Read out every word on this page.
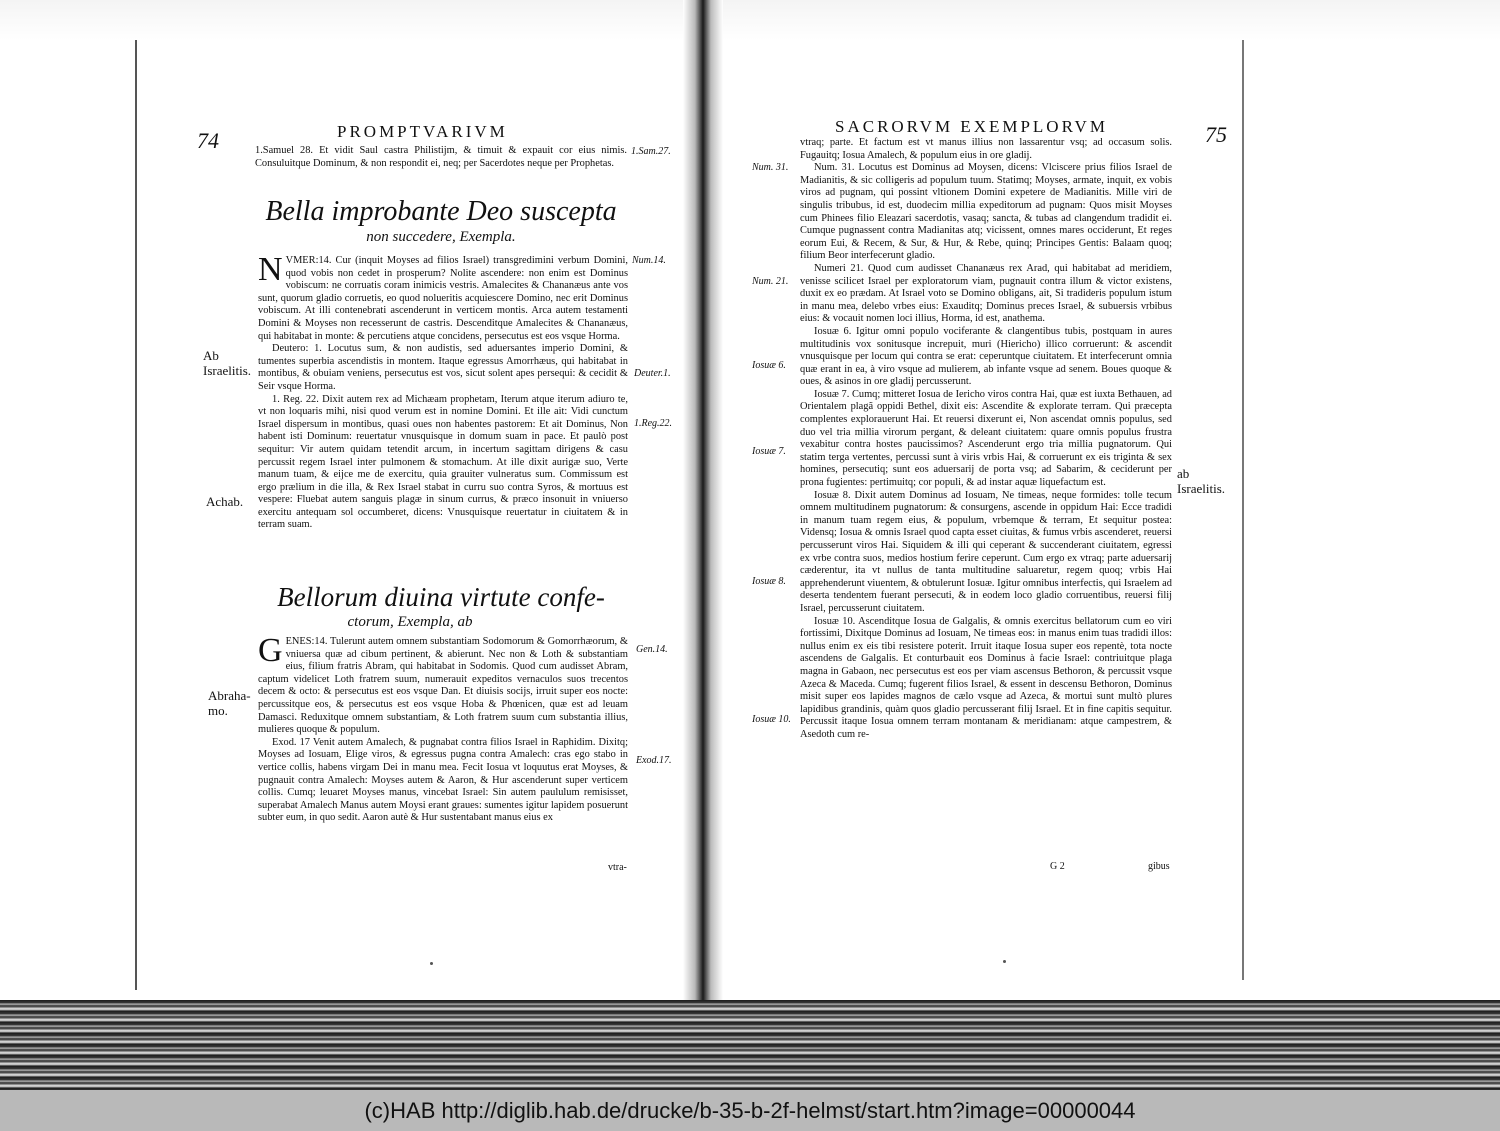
74	PROMPTVARIVM

1.Samuel 28. Et vidit Saul castra Philistijm, & timuit & expauit cor eius nimis. Consuluitque Dominum, & non respondit ei, neq; per Sacerdotes neque per Prophetas.

1.Sam.27.
Bella improbante Deo suscepta
non succedere, Exempla.
N VMER:14. Cur (inquit Moyses ad filios Israel) transgredimini verbum Domini, quod vobis non cedet in prosperum? Nolite ascendere: non enim est Dominus vobiscum: ne corruatis coram inimicis vestris. Amalecites & Chananæus ante vos sunt, quorum gladio corruetis, eo quod nolueritis acquiescere Domino, nec erit Dominus vobiscum. At illi contenebrati ascenderunt in verticem montis. Arca autem testamenti Domini & Moyses non recesserunt de castris. Descenditque Amalecites & Chananæus, qui habitabat in monte: & percutiens atque concidens, persecutus est eos vsque Horma.

Deutero: 1. Locutus sum, & non audistis, sed aduersantes imperio Domini, & tumentes superbia ascendistis in montem. Itaque egressus Amorrhæus, qui habitabat in montibus, & obuiam veniens, persecutus est vos, sicut solent apes persequi: & cecidit & Seir vsque Horma.

1. Reg. 22. Dixit autem rex ad Michæam prophetam, Iterum atque iterum adiuro te, vt non loquaris mihi, nisi quod verum est in nomine Domini. Et ille ait: Vidi cunctum Israel dispersum in montibus, quasi oues non habentes pastorem: Et ait Dominus, Non habent isti Dominum: reuertatur vnusquisque in domum suam in pace. Et paulò post sequitur: Vir autem quidam tetendit arcum, in incertum sagittam dirigens & casu percussit regem Israel inter pulmonem & stomachum. At ille dixit aurigæ suo, Verte manum tuam, & eijce me de exercitu, quia grauiter vulneratus sum. Commissum est ergo prælium in die illa, & Rex Israel stabat in curru suo contra Syros, & mortuus est vespere: Fluebat autem sanguis plagæ in sinum currus, & præco insonuit in vniuerso exercitu antequam sol occumberet, dicens: Vnusquisque reuertatur in ciuitatem & in terram suam.

Num.14.
Deuter.1.
1.Reg.22.
Ab Israelitis.
Achab.
Bellorum diuina virtute confe-
ctorum, Exempla, ab
G ENES:14. Tulerunt autem omnem substantiam Sodomorum & Gomorrhæorum, & vniuersa quæ ad cibum pertinent, & abierunt. Nec non & Loth & substantiam eius, filium fratris Abram, qui habitabat in Sodomis. Quod cum audisset Abram, captum videlicet Loth fratrem suum, numerauit expeditos vernaculos suos trecentos decem & octo: & persecutus est eos vsque Dan. Et diuisis socijs, irruit super eos nocte: percussitque eos, & persecutus est eos vsque Hoba & Phœnicen, quæ est ad leuam Damasci. Reduxitque omnem substantiam, & Loth fratrem suum cum substantia illius, mulieres quoque & populum.

Exod. 17 Venit autem Amalech, & pugnabat contra filios Israel in Raphidim. Dixitq; Moyses ad Iosuam, Elige viros, & egressus pugna contra Amalech: cras ego stabo in vertice collis, habens virgam Dei in manu mea. Fecit Iosua vt loquutus erat Moyses, & pugnauit contra Amalech: Moyses autem & Aaron, & Hur ascenderunt super verticem collis. Cumq; leuaret Moyses manus, vincebat Israel: Sin autem paululum remisisset, superabat Amalech Manus autem Moysi erant graues: sumentes igitur lapidem posuerunt subter eum, in quo sedit. Aaron autè & Hur sustentabant manus eius ex

Gen.14.
Exod.17.
Abraha-mo.
vtra-
SACRORVM EXEMPLORVM	75

vtraq; parte. Et factum est vt manus illius non lassarentur vsq; ad occasum solis. Fugauitq; Iosua Amalech, & populum eius in ore gladij.

Num. 31. Locutus est Dominus ad Moysen, dicens: Vlciscere prius filios Israel de Madianitis, & sic colligeris ad populum tuum. Statimq; Moyses, armate, inquit, ex vobis viros ad pugnam, qui possint vltionem Domini expetere de Madianitis. Mille viri de singulis tribubus, id est, duodecim millia expeditorum ad pugnam: Quos misit Moyses cum Phinees filio Eleazari sacerdotis, vasaq; sancta, & tubas ad clangendum tradidit ei. Cumque pugnassent contra Madianitas atq; vicissent, omnes mares occiderunt, Et reges eorum Eui, & Recem, & Sur, & Hur, & Rebe, quinq; Principes Gentis: Balaam quoq; filium Beor interfecerunt gladio.

Numeri 21. Quod cum audisset Chananæus rex Arad, qui habitabat ad meridiem, venisse scilicet Israel per exploratorum viam, pugnauit contra illum & victor existens, duxit ex eo prædam. At Israel voto se Domino obligans, ait, Si tradideris populum istum in manu mea, delebo vrbes eius: Exauditq; Dominus preces Israel, & subuersis vrbibus eius: & vocauit nomen loci illius, Horma, id est, anathema.

Iosuæ 6. Igitur omni populo vociferante & clangentibus tubis, postquam in aures multitudinis vox sonitusque increpuit, muri (Hiericho) illico corruerunt: & ascendit vnusquisque per locum qui contra se erat: ceperuntque ciuitatem. Et interfecerunt omnia quæ erant in ea, à viro vsque ad mulierem, ab infante vsque ad senem. Boues quoque & oues, & asinos in ore gladij percusserunt.

Iosuæ 7. Cumq; mitteret Iosua de Iericho viros contra Hai, quæ est iuxta Bethauen, ad Orientalem plagã oppidi Bethel, dixit eis: Ascendite & explorate terram. Qui præcepta complentes explorauerunt Hai. Et reuersi dixerunt ei, Non ascendat omnis populus, sed duo vel tria millia virorum pergant, & deleant ciuitatem: quare omnis populus frustra vexabitur contra hostes paucissimos? Ascenderunt ergo tria millia pugnatorum. Qui statim terga vertentes, percussi sunt à viris vrbis Hai, & corruerunt ex eis triginta & sex homines, persecutiq; sunt eos aduersarij de porta vsq; ad Sabarim, & ceciderunt per prona fugientes: pertimuitq; cor populi, & ad instar aquæ liquefactum est.

Iosuæ 8. Dixit autem Dominus ad Iosuam, Ne timeas, neque formides: tolle tecum omnem multitudinem pugnatorum: & consurgens, ascende in oppidum Hai: Ecce tradidi in manum tuam regem eius, & populum, vrbemque & terram, Et sequitur postea: Vidensq; Iosua & omnis Israel quod capta esset ciuitas, & fumus vrbis ascenderet, reuersi percusserunt viros Hai. Siquidem & illi qui ceperant & succenderant ciuitatem, egressi ex vrbe contra suos, medios hostium ferire ceperunt. Cum ergo ex vtraq; parte aduersarij cæderentur, ita vt nullus de tanta multitudine saluaretur, regem quoq; vrbis Hai apprehenderunt viuentem, & obtulerunt Iosuæ. Igitur omnibus interfectis, qui Israelem ad deserta tendentem fuerant persecuti, & in eodem loco gladio corruentibus, reuersi filij Israel, percusserunt ciuitatem.

Iosuæ 10. Ascenditque Iosua de Galgalis, & omnis exercitus bellatorum cum eo viri fortissimi, Dixitque Dominus ad Iosuam, Ne timeas eos: in manus enim tuas tradidi illos: nullus enim ex eis tibi resistere poterit. Irruit itaque Iosua super eos repentè, tota nocte ascendens de Galgalis. Et conturbauit eos Dominus à facie Israel: contriuitque plaga magna in Gabaon, nec persecutus est eos per viam ascensus Bethoron, & percussit vsque Azeca & Maceda. Cumq; fugerent filios Israel, & essent in descensu Bethoron, Dominus misit super eos lapides magnos de cælo vsque ad Azeca, & mortui sunt multò plures lapidibus grandinis, quàm quos gladio percusserant filij Israel. Et in fine capitis sequitur. Percussit itaque Iosua omnem terram montanam & meridianam: atque campestrem, & Asedoth cum re-

Num. 31.
Num. 21.
Iosuæ 6.
Iosuæ 7.
Iosuæ 8.
Iosuæ 10.
ab Israelitis.
G 2	gibus
(c)HAB http://diglib.hab.de/drucke/b-35-b-2f-helmst/start.htm?image=00000044
